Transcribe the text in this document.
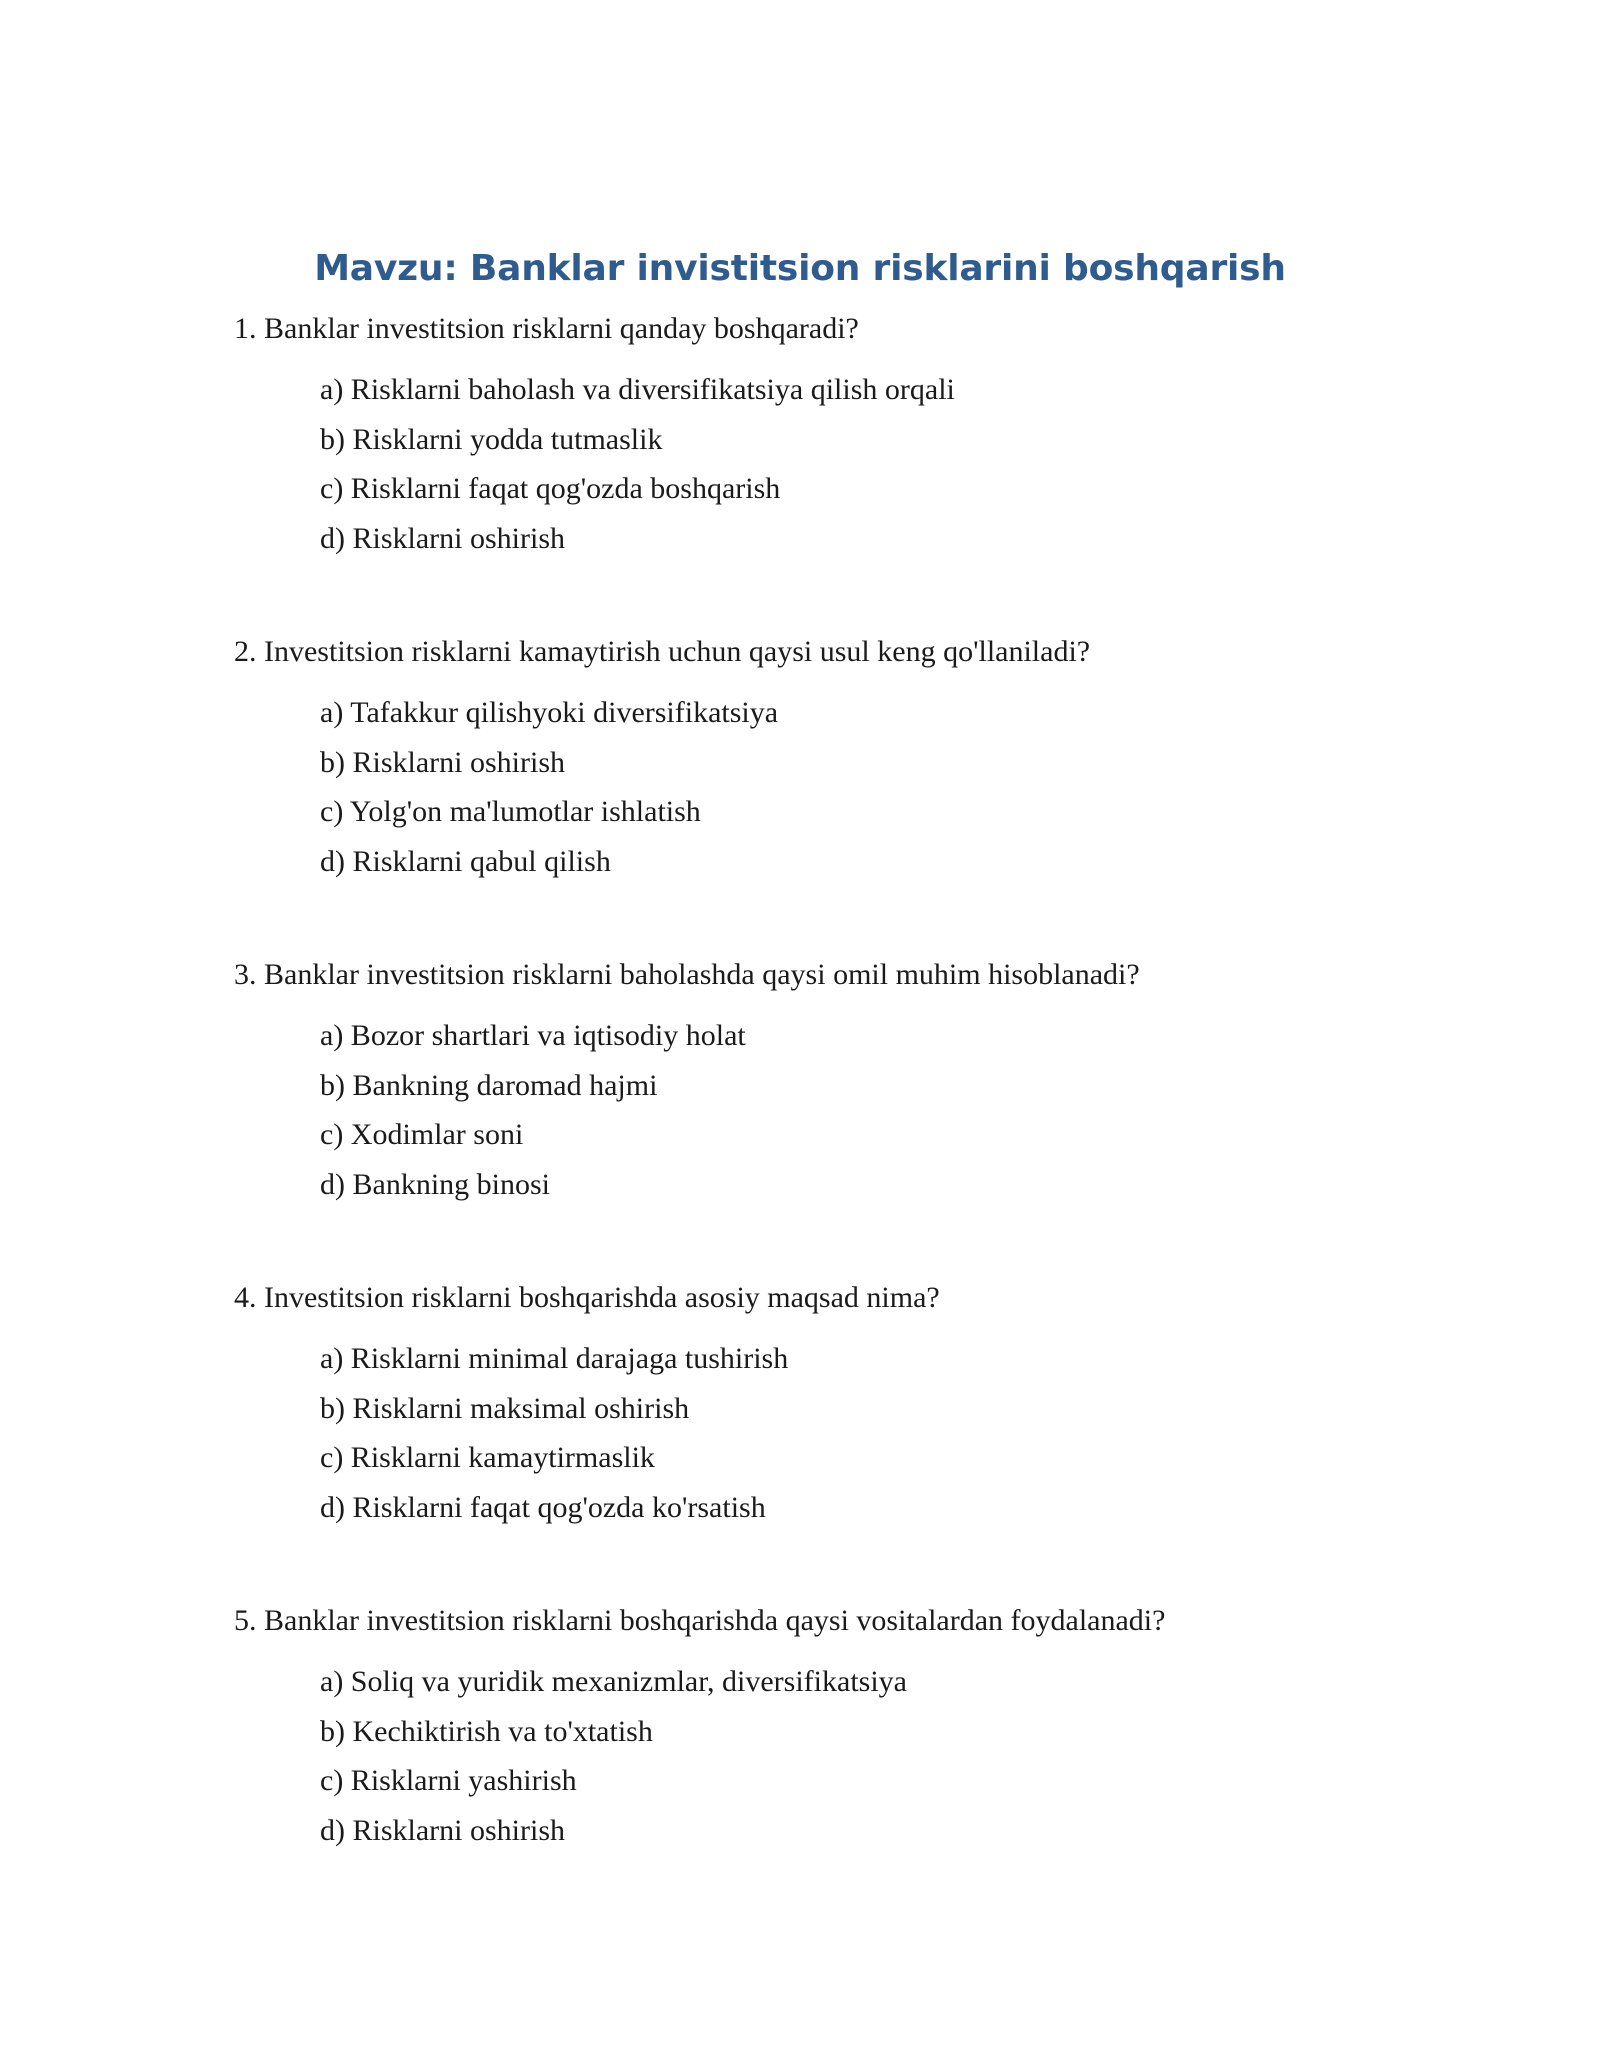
Mavzu: Banklar invistitsion risklarini boshqarish

1. Banklar investitsion risklarni qanday boshqaradi?

a) Risklarni baholash va diversifikatsiya qilish orqali
b) Risklarni yodda tutmaslik
c) Risklarni faqat qog'ozda boshqarish
d) Risklarni oshirish

2. Investitsion risklarni kamaytirish uchun qaysi usul keng qo'llaniladi?

a) Tafakkur qilishyoki diversifikatsiya
b) Risklarni oshirish
c) Yolg'on ma'lumotlar ishlatish
d) Risklarni qabul qilish

3. Banklar investitsion risklarni baholashda qaysi omil muhim hisoblanadi?

a) Bozor shartlari va iqtisodiy holat
b) Bankning daromad hajmi
c) Xodimlar soni
d) Bankning binosi

4. Investitsion risklarni boshqarishda asosiy maqsad nima?

a) Risklarni minimal darajaga tushirish
b) Risklarni maksimal oshirish
c) Risklarni kamaytirmaslik
d) Risklarni faqat qog'ozda ko'rsatish

5. Banklar investitsion risklarni boshqarishda qaysi vositalardan foydalanadi?

a) Soliq va yuridik mexanizmlar, diversifikatsiya
b) Kechiktirish va to'xtatish
c) Risklarni yashirish
d) Risklarni oshirish
